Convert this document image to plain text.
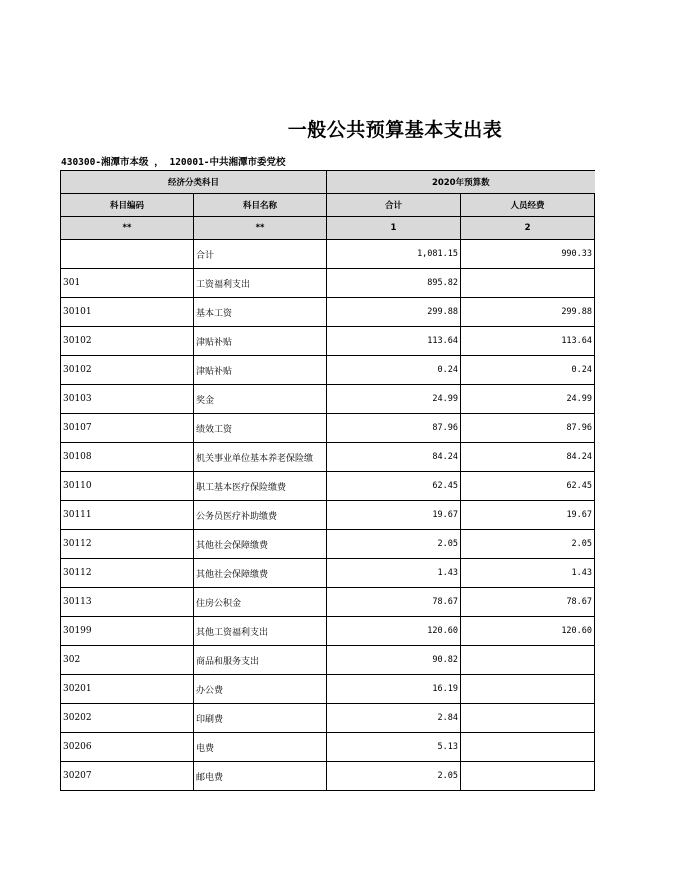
一般公共预算基本支出表
430300-湘潭市本级 ， 120001-中共湘潭市委党校
经济分类科目		2020年预算数	
科目编码	科目名称	合计	人员经费
**	**	1	2
	合计	1,081.15	990.33
301	工资福利支出	895.82	
30101	基本工资	299.88	299.88
30102	津贴补贴	113.64	113.64
30102	津贴补贴	0.24	0.24
30103	奖金	24.99	24.99
30107	绩效工资	87.96	87.96
30108	机关事业单位基本养老保险缴	84.24	84.24
30110	职工基本医疗保险缴费	62.45	62.45
30111	公务员医疗补助缴费	19.67	19.67
30112	其他社会保障缴费	2.05	2.05
30112	其他社会保障缴费	1.43	1.43
30113	住房公积金	78.67	78.67
30199	其他工资福利支出	120.60	120.60
302	商品和服务支出	90.82	
30201	办公费	16.19	
30202	印刷费	2.84	
30206	电费	5.13	
30207	邮电费	2.05	
